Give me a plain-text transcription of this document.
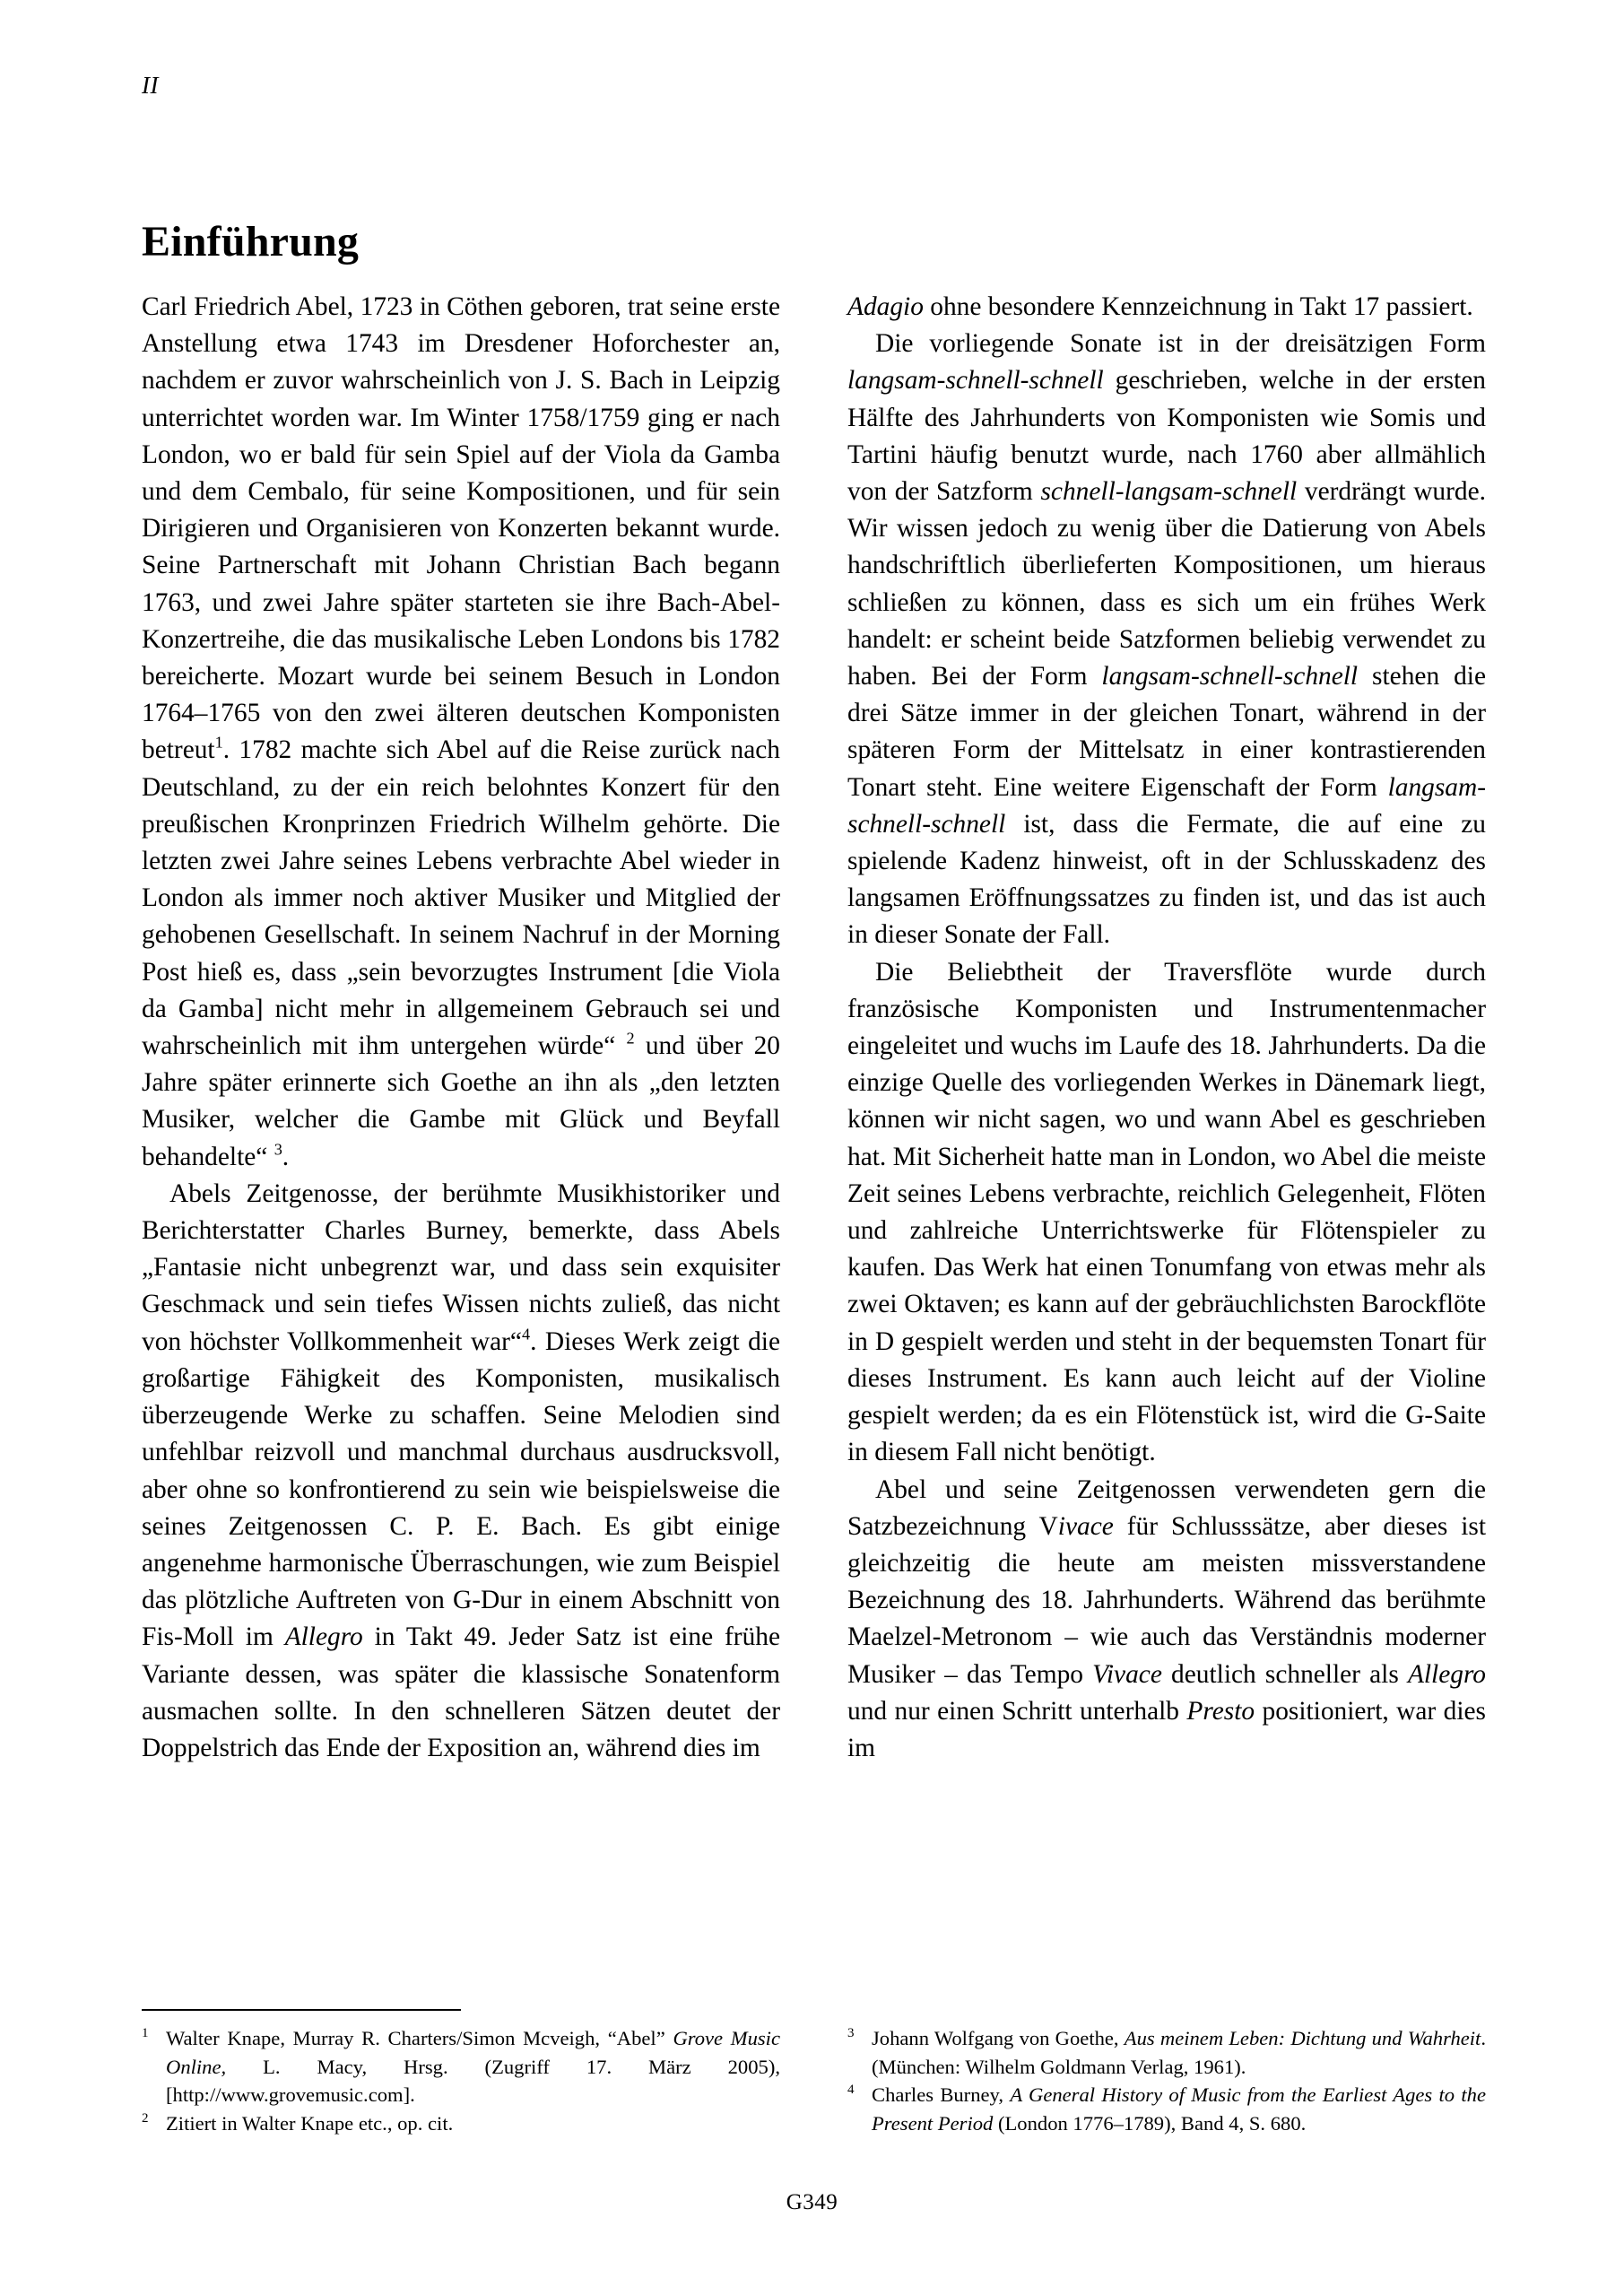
II
Einführung

Carl Friedrich Abel, 1723 in Cöthen geboren, trat seine erste Anstellung etwa 1743 im Dresdener Hoforchester an, nachdem er zuvor wahrscheinlich von J. S. Bach in Leipzig unterrichtet worden war. Im Winter 1758/1759 ging er nach London, wo er bald für sein Spiel auf der Viola da Gamba und dem Cembalo, für seine Kompositionen, und für sein Dirigieren und Organisieren von Konzerten bekannt wurde. Seine Partnerschaft mit Johann Christian Bach begann 1763, und zwei Jahre später starteten sie ihre Bach-Abel-Konzertreihe, die das musikalische Leben Londons bis 1782 bereicherte. Mozart wurde bei seinem Besuch in London 1764–1765 von den zwei älteren deutschen Komponisten betreut$^1$. 1782 machte sich Abel auf die Reise zurück nach Deutschland, zu der ein reich belohntes Konzert für den preußischen Kronprinzen Friedrich Wilhelm gehörte. Die letzten zwei Jahre seines Lebens verbrachte Abel wieder in London als immer noch aktiver Musiker und Mitglied der gehobenen Gesellschaft. In seinem Nachruf in der Morning Post hieß es, dass „sein bevorzugtes Instrument [die Viola da Gamba] nicht mehr in allgemeinem Gebrauch sei und wahrscheinlich mit ihm untergehen würde“ $^2$ und über 20 Jahre später erinnerte sich Goethe an ihn als „den letzten Musiker, welcher die Gambe mit Glück und Beyfall behandelte“ $^3$.

Abels Zeitgenosse, der berühmte Musikhistoriker und Berichterstatter Charles Burney, bemerkte, dass Abels „Fantasie nicht unbegrenzt war, und dass sein exquisiter Geschmack und sein tiefes Wissen nichts zuließ, das nicht von höchster Vollkommenheit war“$^4$. Dieses Werk zeigt die großartige Fähigkeit des Komponisten, musikalisch überzeugende Werke zu schaffen. Seine Melodien sind unfehlbar reizvoll und manchmal durchaus ausdrucksvoll, aber ohne so konfrontierend zu sein wie beispielsweise die seines Zeitgenossen C. P. E. Bach. Es gibt einige angenehme harmonische Überraschungen, wie zum Beispiel das plötzliche Auftreten von G-Dur in einem Abschnitt von Fis-Moll im Allegro in Takt 49. Jeder Satz ist eine frühe Variante dessen, was später die klassische Sonatenform ausmachen sollte. In den schnelleren Sätzen deutet der Doppelstrich das Ende der Exposition an, während dies im

Adagio ohne besondere Kennzeichnung in Takt 17 passiert.

Die vorliegende Sonate ist in der dreisätzigen Form langsam-schnell-schnell geschrieben, welche in der ersten Hälfte des Jahrhunderts von Komponisten wie Somis und Tartini häufig benutzt wurde, nach 1760 aber allmählich von der Satzform schnell-langsam-schnell verdrängt wurde. Wir wissen jedoch zu wenig über die Datierung von Abels handschriftlich überlieferten Kompositionen, um hieraus schließen zu können, dass es sich um ein frühes Werk handelt: er scheint beide Satzformen beliebig verwendet zu haben. Bei der Form langsam-schnell-schnell stehen die drei Sätze immer in der gleichen Tonart, während in der späteren Form der Mittelsatz in einer kontrastierenden Tonart steht. Eine weitere Eigenschaft der Form langsam-schnell-schnell ist, dass die Fermate, die auf eine zu spielende Kadenz hinweist, oft in der Schlusskadenz des langsamen Eröffnungssatzes zu finden ist, und das ist auch in dieser Sonate der Fall.

Die Beliebtheit der Traversflöte wurde durch französische Komponisten und Instrumentenmacher eingeleitet und wuchs im Laufe des 18. Jahrhunderts. Da die einzige Quelle des vorliegenden Werkes in Dänemark liegt, können wir nicht sagen, wo und wann Abel es geschrieben hat. Mit Sicherheit hatte man in London, wo Abel die meiste Zeit seines Lebens verbrachte, reichlich Gelegenheit, Flöten und zahlreiche Unterrichtswerke für Flötenspieler zu kaufen. Das Werk hat einen Tonumfang von etwas mehr als zwei Oktaven; es kann auf der gebräuchlichsten Barockflöte in D gespielt werden und steht in der bequemsten Tonart für dieses Instrument. Es kann auch leicht auf der Violine gespielt werden; da es ein Flötenstück ist, wird die G-Saite in diesem Fall nicht benötigt.

Abel und seine Zeitgenossen verwendeten gern die Satzbezeichnung Vivace für Schlusssätze, aber dieses ist gleichzeitig die heute am meisten missverstandene Bezeichnung des 18. Jahrhunderts. Während das berühmte Maelzel-Metronom – wie auch das Verständnis moderner Musiker – das Tempo Vivace deutlich schneller als Allegro und nur einen Schritt unterhalb Presto positioniert, war dies im

1 Walter Knape, Murray R. Charters/Simon Mcveigh, “Abel” Grove Music Online, L. Macy, Hrsg. (Zugriff 17. März 2005), [http://www.grovemusic.com].
2 Zitiert in Walter Knape etc., op. cit.
3 Johann Wolfgang von Goethe, Aus meinem Leben: Dichtung und Wahrheit. (München: Wilhelm Goldmann Verlag, 1961).
4 Charles Burney, A General History of Music from the Earliest Ages to the Present Period (London 1776–1789), Band 4, S. 680.
G349
